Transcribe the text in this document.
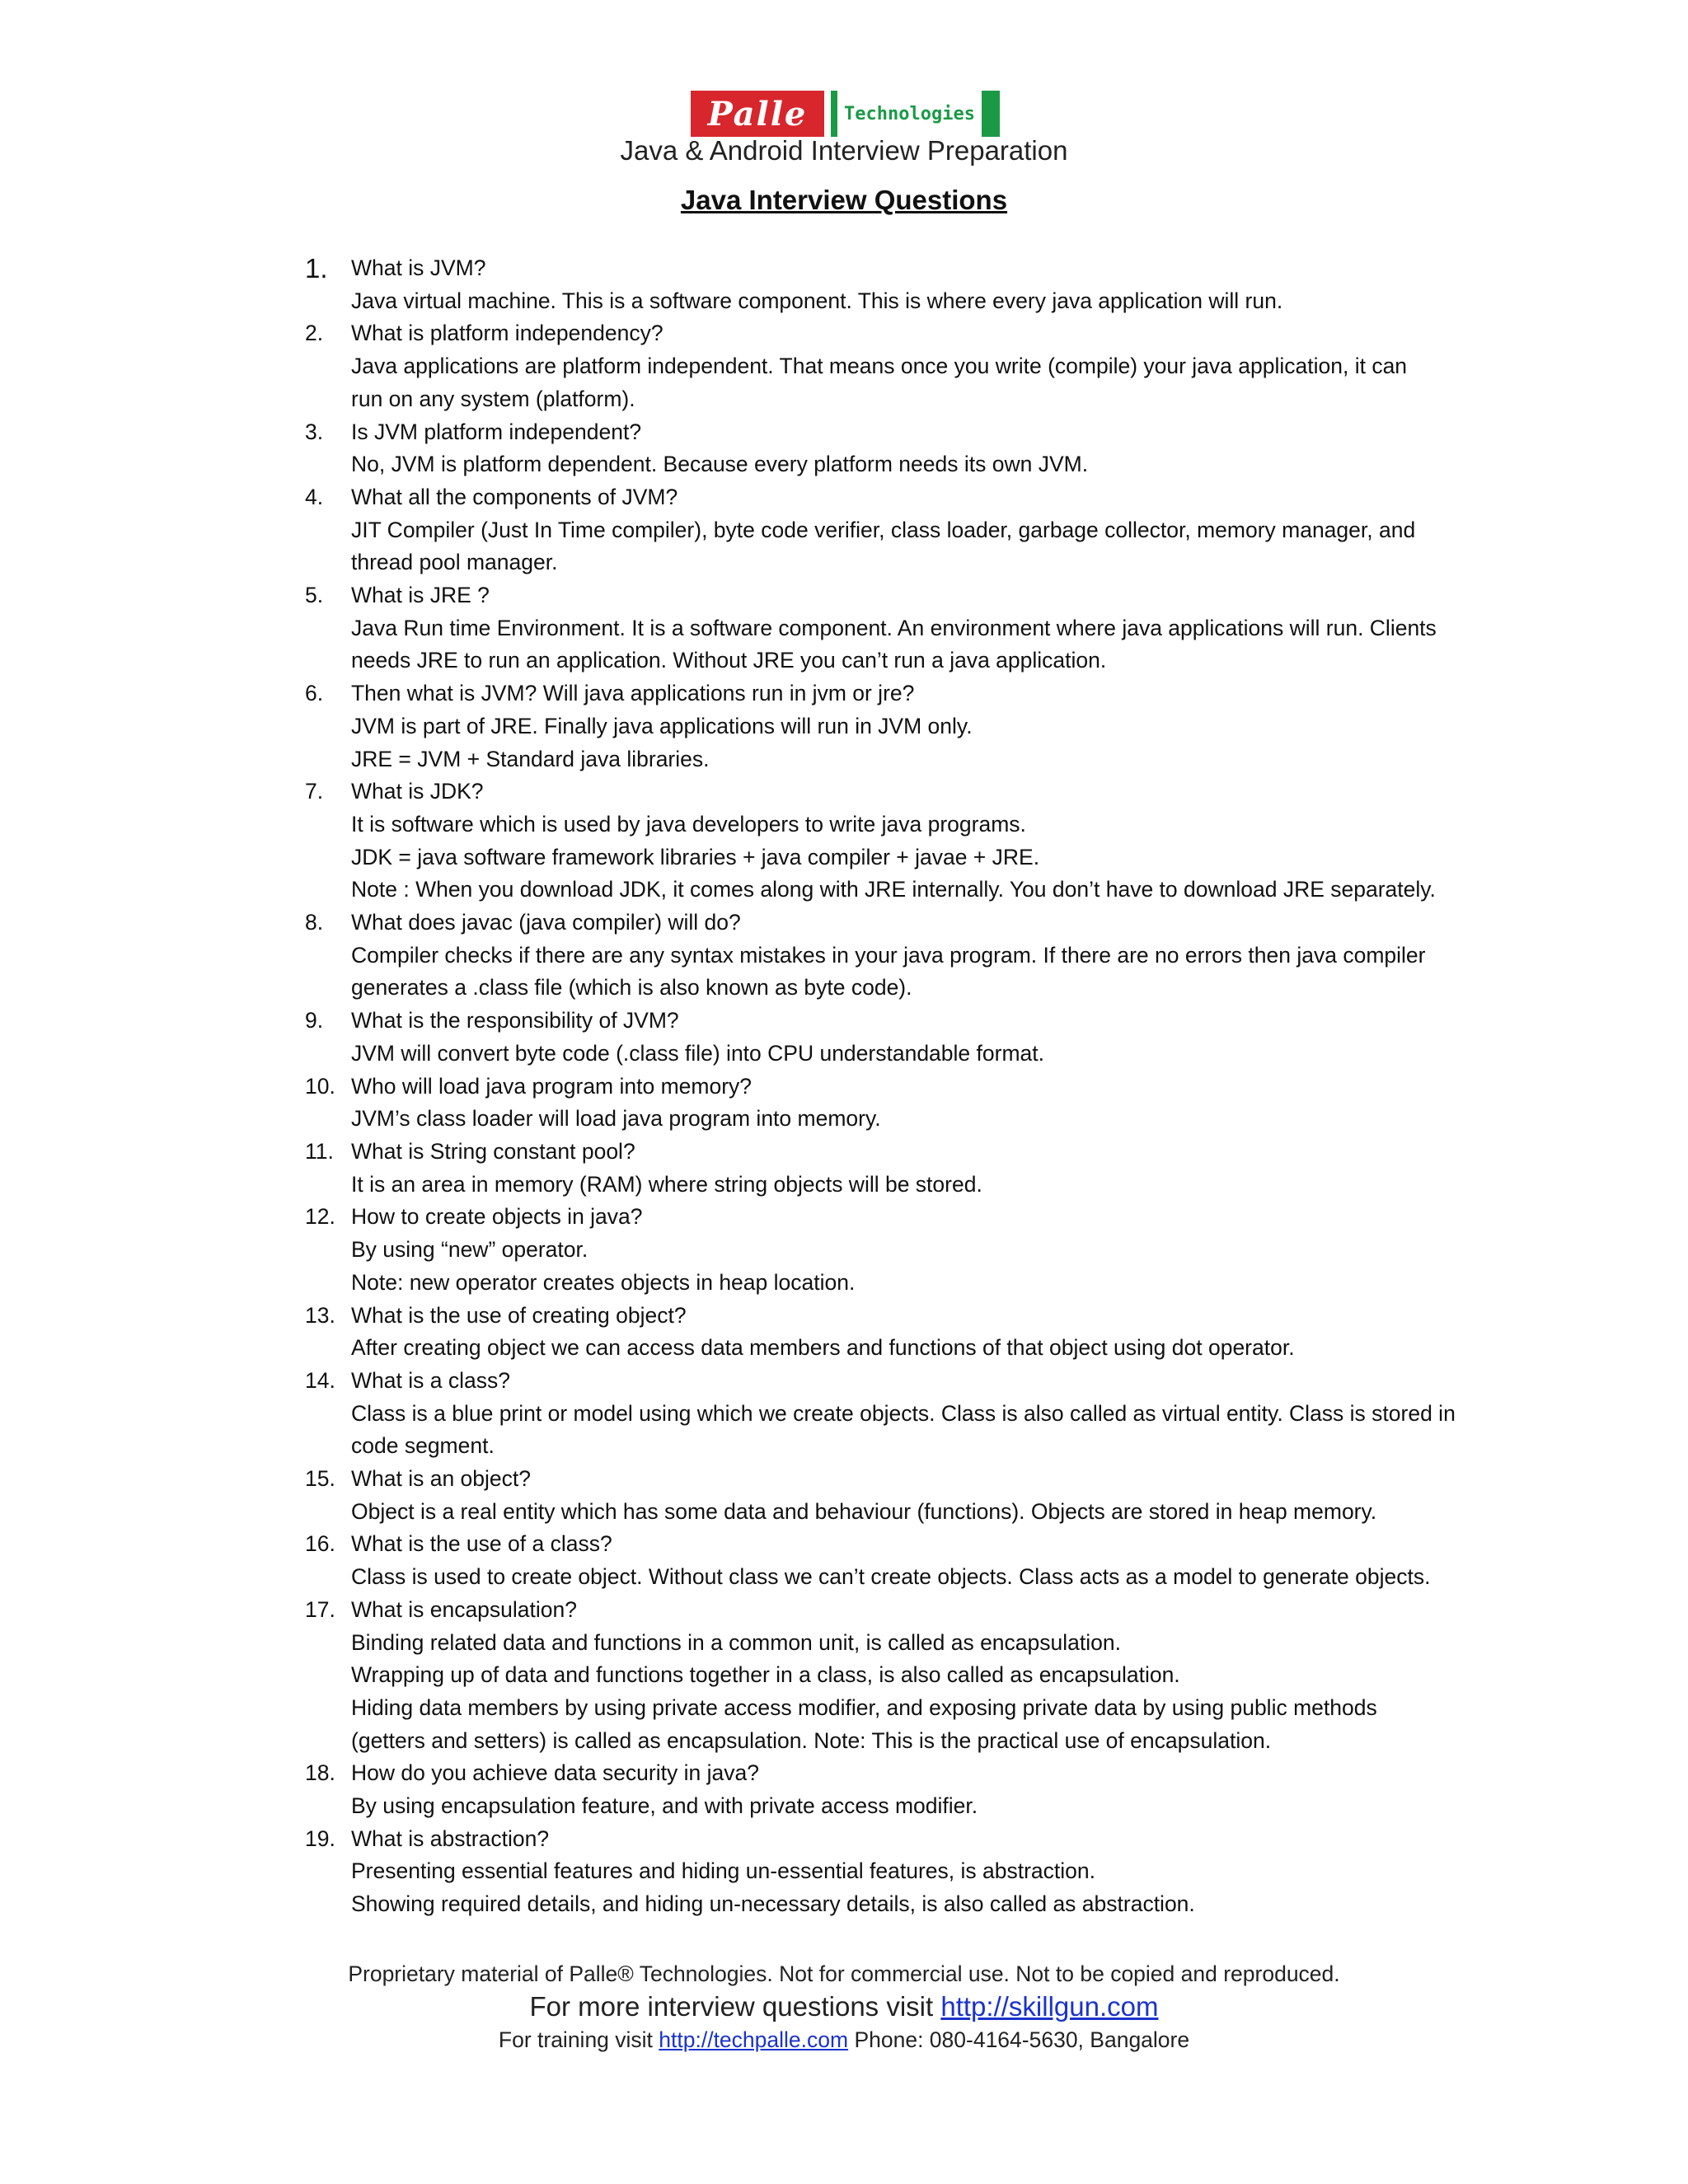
Palle Technologies
Java & Android Interview Preparation
Java Interview Questions
1.	What is JVM?
Java virtual machine. This is a software component. This is where every java application will run.
2.	What is platform independency?
Java applications are platform independent. That means once you write (compile) your java application, it can
run on any system (platform).
3.	Is JVM platform independent?
No, JVM is platform dependent. Because every platform needs its own JVM.
4.	What all the components of JVM?
JIT Compiler (Just In Time compiler), byte code verifier, class loader, garbage collector, memory manager, and
thread pool manager.
5.	What is JRE ?
Java Run time Environment. It is a software component. An environment where java applications will run. Clients
needs JRE to run an application. Without JRE you can’t run a java application.
6.	Then what is JVM? Will java applications run in jvm or jre?
JVM is part of JRE. Finally java applications will run in JVM only.
JRE = JVM + Standard java libraries.
7.	What is JDK?
It is software which is used by java developers to write java programs.
JDK = java software framework libraries + java compiler + javae + JRE.
Note : When you download JDK, it comes along with JRE internally. You don’t have to download JRE separately.
8.	What does javac (java compiler) will do?
Compiler checks if there are any syntax mistakes in your java program. If there are no errors then java compiler
generates a .class file (which is also known as byte code).
9.	What is the responsibility of JVM?
JVM will convert byte code (.class file) into CPU understandable format.
10. Who will load java program into memory?
JVM’s class loader will load java program into memory.
11. What is String constant pool?
It is an area in memory (RAM) where string objects will be stored.
12. How to create objects in java?
By using “new” operator.
Note: new operator creates objects in heap location.
13. What is the use of creating object?
After creating object we can access data members and functions of that object using dot operator.
14. What is a class?
Class is a blue print or model using which we create objects. Class is also called as virtual entity. Class is stored in
code segment.
15. What is an object?
Object is a real entity which has some data and behaviour (functions). Objects are stored in heap memory.
16. What is the use of a class?
Class is used to create object. Without class we can’t create objects. Class acts as a model to generate objects.
17. What is encapsulation?
Binding related data and functions in a common unit, is called as encapsulation.
Wrapping up of data and functions together in a class, is also called as encapsulation.
Hiding data members by using private access modifier, and exposing private data by using public methods
(getters and setters) is called as encapsulation. Note: This is the practical use of encapsulation.
18. How do you achieve data security in java?
By using encapsulation feature, and with private access modifier.
19. What is abstraction?
Presenting essential features and hiding un-essential features, is abstraction.
Showing required details, and hiding un-necessary details, is also called as abstraction.
Proprietary material of Palle® Technologies. Not for commercial use. Not to be copied and reproduced.
For more interview questions visit http://skillgun.com
For training visit http://techpalle.com Phone: 080-4164-5630, Bangalore
